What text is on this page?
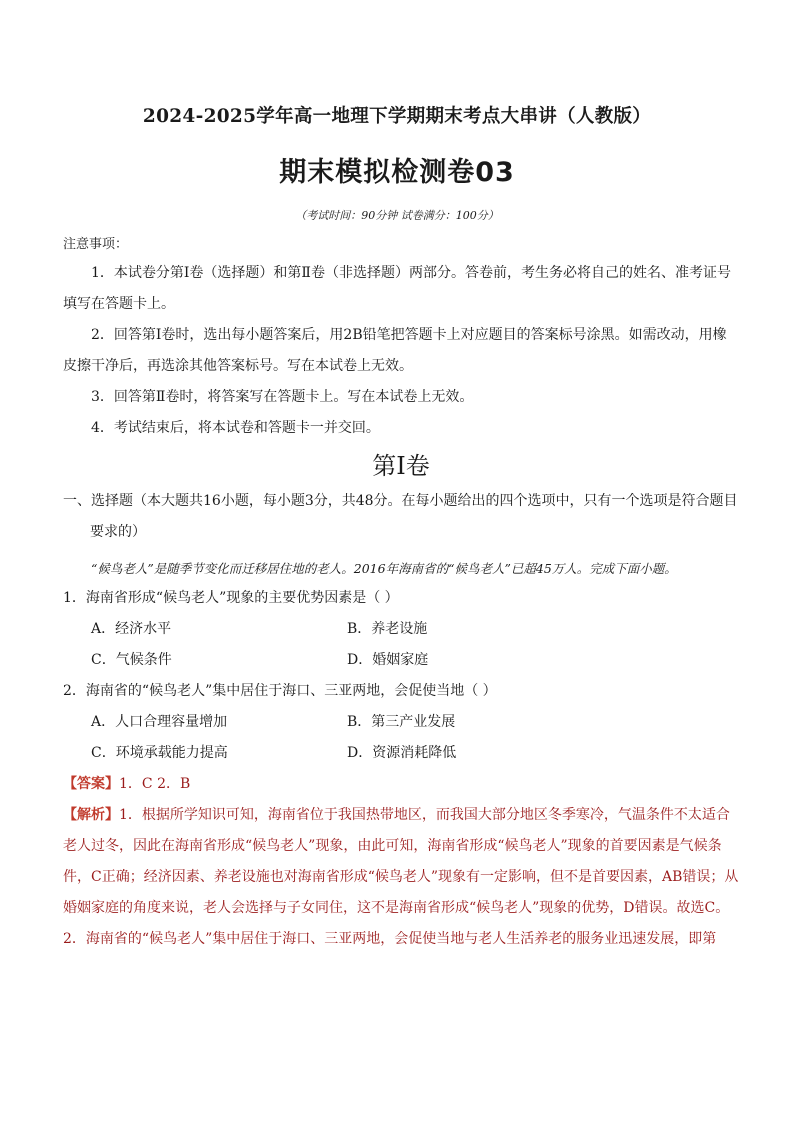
2024-2025学年高一地理下学期期末考点大串讲（人教版）
期末模拟检测卷03
（考试时间：90分钟 试卷满分：100分）
注意事项：

1．本试卷分第Ⅰ卷（选择题）和第Ⅱ卷（非选择题）两部分。答卷前，考生务必将自己的姓名、准考证号填写在答题卡上。

2．回答第Ⅰ卷时，选出每小题答案后，用2B铅笔把答题卡上对应题目的答案标号涂黑。如需改动，用橡皮擦干净后，再选涂其他答案标号。写在本试卷上无效。

3．回答第Ⅱ卷时，将答案写在答题卡上。写在本试卷上无效。

4．考试结束后，将本试卷和答题卡一并交回。

第Ⅰ卷

一、选择题（本大题共16小题，每小题3分，共48分。在每小题给出的四个选项中，只有一个选项是符合题目要求的）

“候鸟老人”是随季节变化而迁移居住地的老人。2016年海南省的“候鸟老人”已超45万人。完成下面小题。

1．海南省形成“候鸟老人”现象的主要优势因素是（ ）

A．经济水平	B．养老设施
C．气候条件	D．婚姻家庭

2．海南省的“候鸟老人”集中居住于海口、三亚两地，会促使当地（ ）

A．人口合理容量增加	B．第三产业发展
C．环境承载能力提高	D．资源消耗降低

【答案】1．C 2．B

【解析】1．根据所学知识可知，海南省位于我国热带地区，而我国大部分地区冬季寒冷，气温条件不太适合老人过冬，因此在海南省形成“候鸟老人”现象，由此可知，海南省形成“候鸟老人”现象的首要因素是气候条件，C正确；经济因素、养老设施也对海南省形成“候鸟老人”现象有一定影响，但不是首要因素，AB错误；从婚姻家庭的角度来说，老人会选择与子女同住，这不是海南省形成“候鸟老人”现象的优势，D错误。故选C。

2．海南省的“候鸟老人”集中居住于海口、三亚两地，会促使当地与老人生活养老的服务业迅速发展，即第
